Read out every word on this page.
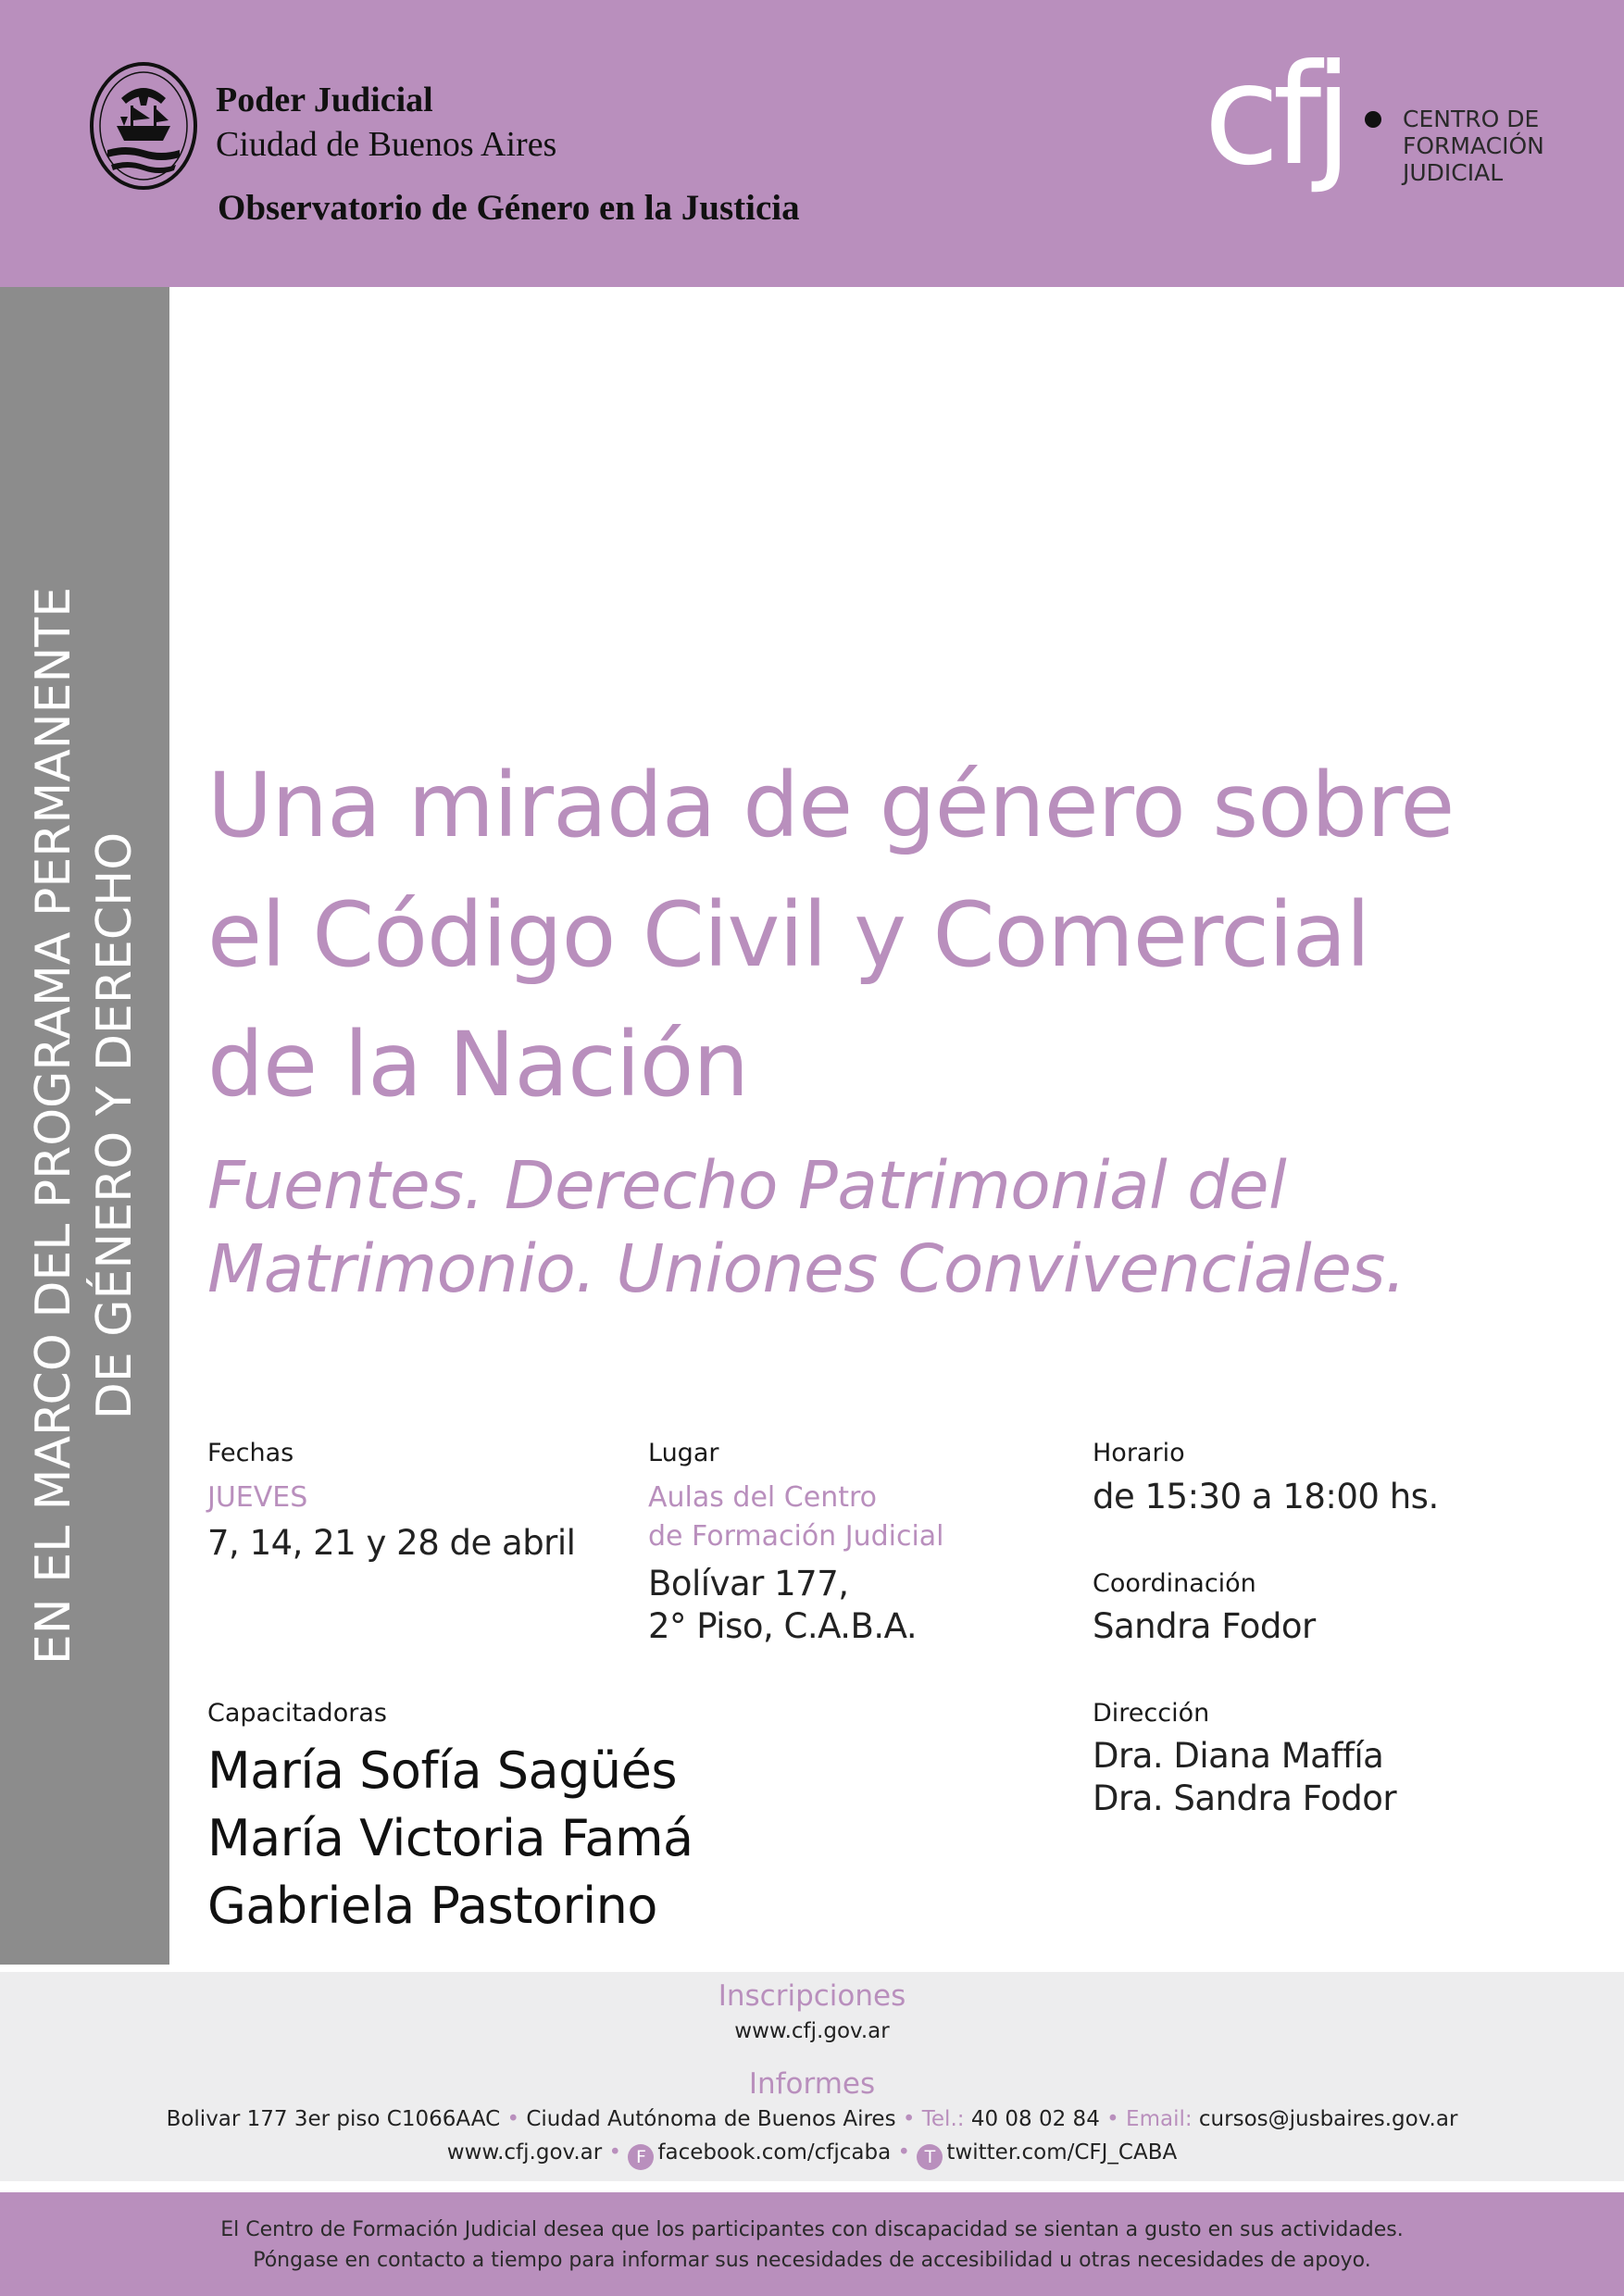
Poder Judicial
Ciudad de Buenos Aires
Observatorio de Género en la Justicia
cfj CENTRO DE
FORMACIÓN
JUDICIAL
EN EL MARCO DEL PROGRAMA PERMANENTE DE GÉNERO Y DERECHO
Una mirada de género sobre
el Código Civil y Comercial
de la Nación
Fuentes. Derecho Patrimonial del
Matrimonio. Uniones Convivenciales.
Fechas
JUEVES
7, 14, 21 y 28 de abril
Lugar
Aulas del Centro
de Formación Judicial
Bolívar 177,
2° Piso, C.A.B.A.
Horario
de 15:30 a 18:00 hs.
Coordinación
Sandra Fodor
Capacitadoras
María Sofía Sagüés
María Victoria Famá
Gabriela Pastorino
Dirección
Dra. Diana Maffía
Dra. Sandra Fodor
Inscripciones
www.cfj.gov.ar
Informes
Bolivar 177 3er piso C1066AAC • Ciudad Autónoma de Buenos Aires • Tel.: 40 08 02 84 • Email: cursos@jusbaires.gov.ar
www.cfj.gov.ar • F facebook.com/cfjcaba • T twitter.com/CFJ_CABA
El Centro de Formación Judicial desea que los participantes con discapacidad se sientan a gusto en sus actividades.
Póngase en contacto a tiempo para informar sus necesidades de accesibilidad u otras necesidades de apoyo.
